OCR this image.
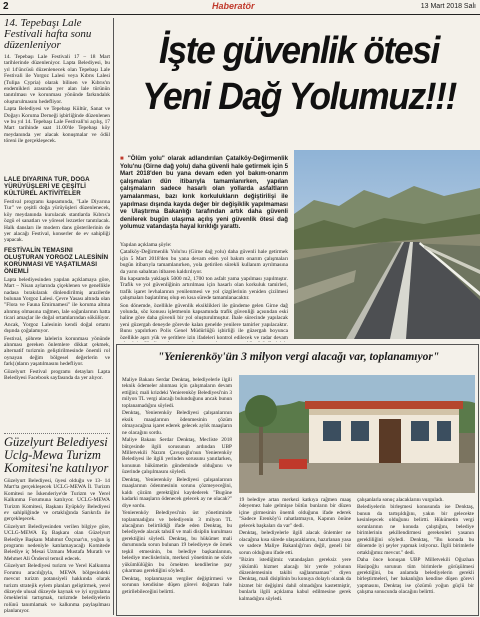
2	Haberatör	13 Mart 2018 Salı
14. Tepebaşı Lale Festivali hafta sonu düzenleniyor
14. Tepebaşı Lale Festivali 17 – 18 Mart tarihlerinde düzenleniyor. Lapta Belediyesi, bu yıl 14'üncüsü düzenlenecek olan Tepebaşı Lale Festivali ile Yorgoz Lalesi veya Kıbrıs Lalesi (Tulipa Cypria) olarak bilinen ve Kıbrıs'ın endemikleri arasında yer alan lale türünün tanıtılması ve korunması yönünde farkındalık oluşturulmasını hedefliyor.
Lapta Belediyesi ve Tepebaşı Kültür, Sanat ve Doğayı Koruma Derneği işbirliğinde düzenlenen ve bu yıl 14. Tepebaşı Lale Festivali'ni açılış, 17 Mart tarihinde saat 11.00'de Tepebaşı köy meydanında yer alacak konuşmalar ve ödül töreni ile gerçekleşecek.
LALE DİYARINA TUR, DOĞA YÜRÜYÜŞLERİ VE ÇEŞİTLİ KÜLTÜREL AKTİVİTELER
Festival programı kapsamında, "Lale Diyarına Tur" ve çeşitli doğa yürüyüşleri düzenlenecek, köy meydanında kurulacak stantlarda Kıbrıs'a özgü el sanatları ve yöresel lezzetler tanıtılacak. Halk dansları ile modern dans gösterilerinin de yer alacağı Festival, konserler de ev sahipliği yapacak.
FESTİVALİN TEMASINI OLUŞTURAN YORGOZ LALESİNİN KORUNMASI VE YAŞATILMASI ÖNEMLİ
Lapta belediyesinden yapılan açıklamaya göre, Mart – Nisan aylarında çiçeklenen ve genellikle nadasa bırakılarak dinlendirilmiş arazilerde bulunan Yorgoz Lalesi. Çevre Yasası altında olan "Flora ve Fauna Emirnamesi" ile koruma altına alınmış olmasına rağmen, lale soğanlarının hatta ticari amaçlar ile doğal ortamlarından sökülüyor. Ancak, Yorgoz Lalesinin kendi doğal ortamı dışında çoğalamıyor.
Festival, şöhrete lalelerin korunması yönünde alınması gereken önlemlere dikkat çekmek, alternatif turizmin geliştirilmesinde önemli rol oynayan değim bölgesel değerlerin ve fark(ı)darın yaşatılmasını hedefliyor.
Güzelyurt Festival programı detayları Lapta Belediyesi Facebook sayfasında da yer alıyor.
Güzelyurt Belediyesi Uclg-Mewa Turizm Komitesi'ne katılıyor
Güzelyurt Belediyesi, üyesi olduğu ve 13- 14 Mart'ta gerçekleşecek UCLG-MEWA İl. Turizm Komitesi ne İskenderiye'de Turizm ve Yerel Kalkınma Forumuna katılıyor. UCLG-MEWA Turizm Komitesi, Başkanı Eyüpköy Belediyesi ev sahipliğinde ve ortaklığında Sarıkrıfa ile gerçekleşecek.
Güzelyurt Belediyesinden verilen bilgiye göre, UCLG-MEWA Eş Başkanı olan Güzelyurt Belediye Başkanı Mahmut Özçınar'ın, yoğun iş programı nedeniyle katılamayacağı Komitede Belediye iç Mesai Uzmanı Mustafa Muratlı ve Mehmet Ali Önderol temsil edecek.
Güzelyurt Belediyesi turizm ve Yerel Kalkınma Forumu aracılığıyla, MEWA bölgesindeki mevcut turizm potansiyeli hakkında olarak turizm stratejik eylem planları geliştirmek, yerel düzeyde ulusal düzeyde kaynak ve iyi uygulama örneklerini tartışmak, turizmde belediyelerin rolünü tanımlamak ve kalkınma paylaşılması planlanıyor.
İşte güvenlik ötesi
Yeni Dağ Yolumuz!!!
■ "Ölüm yolu" olarak adlandırılan Çatalköy-Değirmenlik Yolu'nu (Girne dağ yolu) daha güvenli hale getirmek için 5 Mart 2018'den bu yana devam eden yol bakım-onarım çalışmaları dün itibarıyla tamamlanırken, yapılan çalışmaların sadece hasarlı olan yollarda asfaltların yamalanması, bazı kırık korkulukların değiştirilişi ile yapılması dışında kayda değer bir değişiklik yapılmaması ve Ulaştırma Bakanlığı tarafından artık daha güvenli denilerek bugün ulaşıma açılış yeni güvenlik ötesi dağ yolumuz vatandaşta hayal kırıklığı yarattı.
Yapılan açıklama şöyle:
Çatalköy-Değirmenlik Yolu'nu (Girne dağ yolu) daha güvenli hale getirmek için 5 Mart 2018'den bu yana devam eden yol bakım onarım çalışmaları bugün itibarıyla tamamlanırken, yola getirilen sürekli kullanım ayrılmasına da yarın sabahtan itibaren kaldırılıyor.
Bu kapsamda yaklaşık 5000 m2, 1700 ton asfalt yama yapılması yapılmıştır. Trafik ve yol güvenliğinin artırılması için hasarlı olan korkuluk tamirleri, trafik işaret levhalarının yenilenmesi ve yol çizgilerinin yeniden çizilmesi çalışmaları başlatılmış olup en kısa sürede tamamlanacaktır.
Son dönemde, özellikle güvenlik eksiklikleri ile gündeme gelen Girne dağ yolunda, söz konusu işletmenin kapsamında trafik güvenliği açısından eski haline göre daha güvenli bir yol oluşturulmuştur. İhale sürecinde yapılacak yeni güzergah deneyde görevde kalan genelde yenilere tamirler yapılacaktır. Bunu yapılırken Polis Genel Müdürlüğü işbirliği ile güzergah boyunca özellikle aşırı yük ve şeritlere izin ifadeleri kontrol edilecek ve radar devam
"Yenierenköy'ün 3 milyon vergi alacağı var, toplanamıyor"
Maliye Bakanı Serdar Denktaş, belediyelerle ilgili teknik ödemeler alınması için çalışmaların devam ettiğini; mali krizdeki Yenierenköy Belediyesi'nin 3 milyon TL vergi alacağı bulunduğunu ancak bunun toplanamadığını söyledi.
Denktaş, Yenierenköy Belediyesi çalışanlarının eksik maaşlarının ödenmesinin çözüm olmayacağına işaret ederek gelecek aylık maaşların ne olacağını sordu.
Maliye Bakanı Serdar Denktaş, Mecliste 2018 bütçesinde ilgili sorusunun ardından UBP Milletvekili Nazım Çavuşoğlu'nun Yenierenköy Belediyesi ile ilgili yerinden sorusunu yanıtlarken, konunun hükümetin gündeminde olduğunu ve üzerinde çalışılmasını söyledi.
Denktaş, Yenierenköy Belediyesi çalışanlarının maaşlarının ödenmesinin sorunu çözmeyeceğini, kaldı çözüm gerektiğini kaydederek "Bugüne kadarki maaşların ödenecek gelecek ay ne olacak?" diye sordu.
Yenierenköy Belediyesi'nin üst yönetiminde toplanmadığını ve belediyenin 3 milyon TL alacağının belirtildiği ifade eden Denktaş, bu belediyede alacak tahsilî ve mali disiplin kurulması gerektiğini söyledi. Denktaş, bu hükümet mali durumunda sorun bulunan 19 belediyeye de örnek teşkil etmesinin, bu belediye başkanlarının, belediye meclislerinin, merkezi yönetimin ne sözle yükümlülüğün bu örnekten kendilerine pay çıkarması gerektiğini söyledi.
Denktaş, toplanmayan vergiler değiştirmesi ve sorunun kendisine düşen görevi doğuran hale getirilebileceğini belirtti.
19 belediye artan merkezi katkıya rağmen maaş ödeyemez hale gelmişse bütün bunların bir düzen içine girmesinin önemli olduğunu ifade ederek "Sadece Erenköy'ü rahatlatmayın, Kapının önüne gelecek başkaları da var" dedi.
Denktaş, belediyelerle ilgili alacak önlemler ne olacağına kısa sürede ulaşacaklarını, hazırlanan yasa ve sadece Maliye Bakanlığı'nın değil, geneli bir sorun olduğunu ifade etti.
"Bizim istediğimiz vatandaşları gereksiz yere yükümlü hizmet alacağı bir yerde yolunun düzenlemesinin takibi sağlanmaması" diyen Denktaş, mali disiplinin bu konuya dolaylı olarak da hizmet bir değişimi dahil olmadığını kastetmiştir, bunlarla ilgili açıklama kabul edilmesine gerek kalmadığını söyledi.
çalışanlarla sonuç alacaklarını vurguladı.
Belediyelerin birleşmesi konusunda ise Denktaş, bunun da tartışıldığını, yakın bir gelecekte kesinleşecek olduğunu belirtti. Hükümetin vergi sorunlarının ne konuda çalıştığını, belediye birimlerinin şekillendirmesi gerekenleri yasanın gerekliliğini söyledi. Denktaş, "Bu konuda bu dönemde iyi şeyler yapmak istiyoruz. İlgili birimlerle ortaklığımız mevcut." dedi.
Daha önce konuşan UBP Milletvekili Oğuzhan Hasipoğlu sorunun tüm birimlerle görüşülmesi gerektiğini, bu anlamda belediyelerin gerekli birleştirmeleri, her bakanlığın kendine düşen görevi yapmasını, Denktaş ise çözümü yoğun güçlü bir çalışma sonucunda olacağını belirtti.
